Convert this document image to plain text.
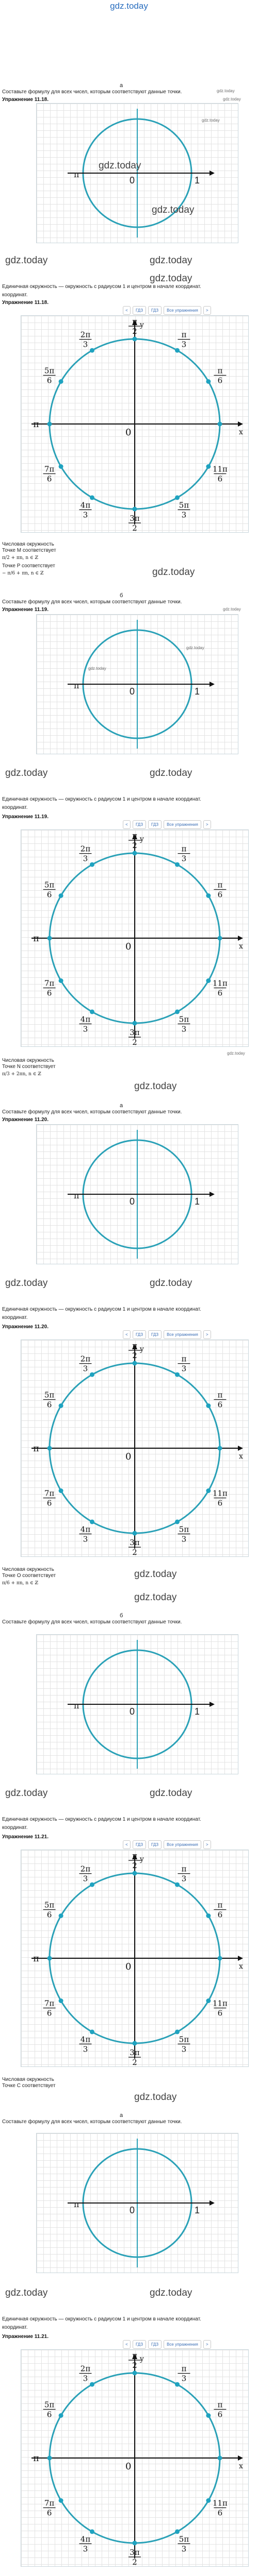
gdz.today
а
Составьте формулу для всех чисел, которым соответствуют данные точки.
Упражнение 11.18.
gdz.today
gdz.today
π
0	1
gdz.today
gdz.today
gdz.today
gdz.today	gdz.today
Единичная окружность — окружность с радиусом 1 и центром в начале координат.
координат.
gdz.today
Упражнение 11.18.
<	ГДЗ	ГДЗ	Все упражнения	>
x
y
0
π
6
π
3
π
2
2π
3
5π
6
π
7π
6
4π
3	3π
2
5π
3
11π
6
Числовая окружность
Точке M соответствует
π/2 + πn, n ∈ ℤ
Точке P соответствует
− π/6 + πn, n ∈ ℤ	gdz.today
б
Составьте формулу для всех чисел, которым соответствуют данные точки.
Упражнение 11.19.	gdz.today
π
0	1
gdz.today
gdz.today
gdz.today	gdz.today
Единичная окружность — окружность с радиусом 1 и центром в начале координат.
координат.
Упражнение 11.19.
<	ГДЗ	ГДЗ	Все упражнения	>
x
y
0
π
6
π
3
π
2
2π
3
5π
6
π
7π
6
4π
3	3π
2
5π
3
11π
6
gdz.today
Числовая окружность
Точке N соответствует
π/3 + 2πn, n ∈ ℤ
gdz.today
а
Составьте формулу для всех чисел, которым соответствуют данные точки.
Упражнение 11.20.
π
0	1
gdz.today	gdz.today
Единичная окружность — окружность с радиусом 1 и центром в начале координат.
координат.
Упражнение 11.20.
<	ГДЗ	ГДЗ	Все упражнения	>
x
y
0
π
6
π
3
π
2
2π
3
5π
6
π
7π
6
4π
3	3π
2
5π
3
11π
6
Числовая окружность
Точке O соответствует
π/6 + πn, n ∈ ℤ
gdz.today
gdz.today
б
Составьте формулу для всех чисел, которым соответствуют данные точки.
π
0	1
gdz.today	gdz.today
Единичная окружность — окружность с радиусом 1 и центром в начале координат.
координат.
Упражнение 11.21.
<	ГДЗ	ГДЗ	Все упражнения	>
x
y
0
π
6
π
3
π
2
2π
3
5π
6
π
7π
6
4π
3	3π
2
5π
3
11π
6
Числовая окружность
Точке C соответствует
gdz.today
а
Составьте формулу для всех чисел, которым соответствуют данные точки.
π
0	1
gdz.today	gdz.today
Единичная окружность — окружность с радиусом 1 и центром в начале координат.
координат.
Упражнение 11.21.
<	ГДЗ	ГДЗ	Все упражнения	>
x
y
0
π
6
π
3
π
2
2π
3
5π
6
π
7π
6
4π
3	3π
2
5π
3
11π
6
